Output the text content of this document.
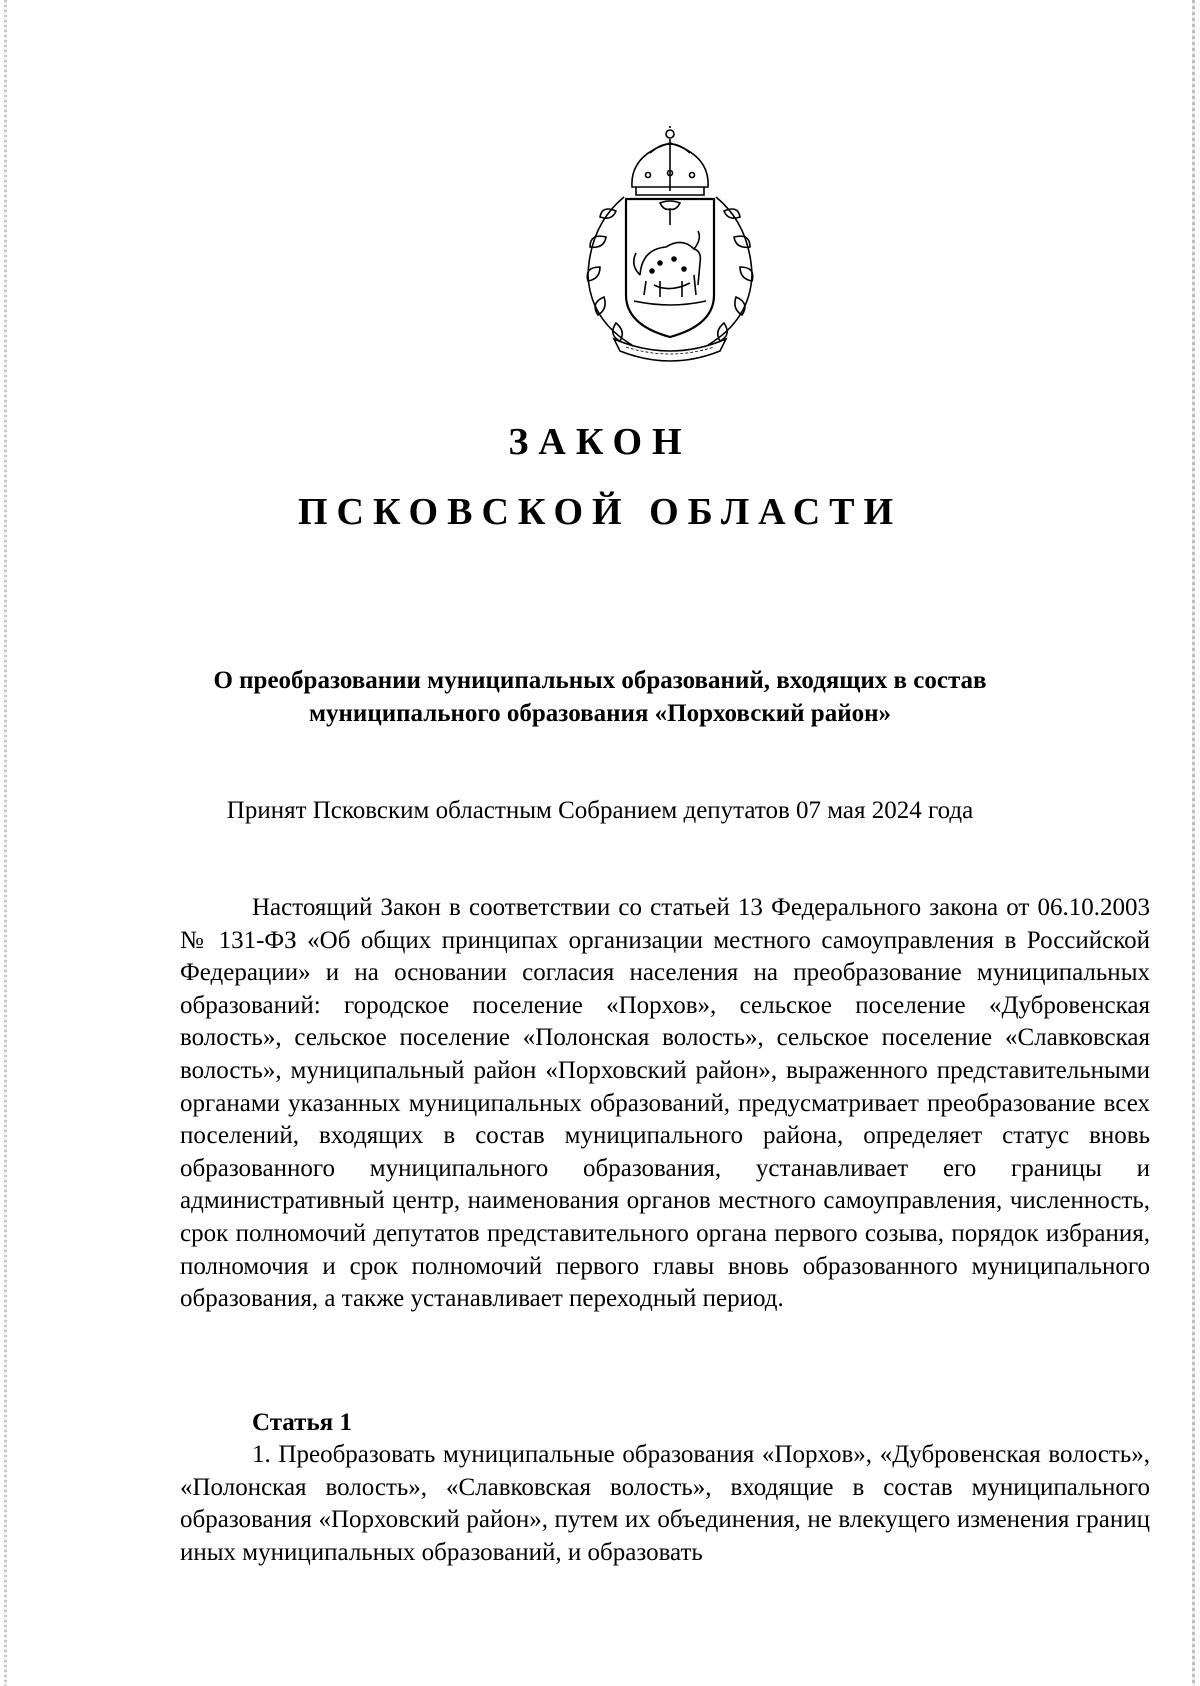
ЗАКОН
ПСКОВСКОЙ ОБЛАСТИ

О преобразовании муниципальных образований, входящих в состав
муниципального образования «Порховский район»

Принят Псковским областным Собранием депутатов 07 мая 2024 года

Настоящий Закон в соответствии со статьей 13 Федерального закона от 06.10.2003 № 131-ФЗ «Об общих принципах организации местного самоуправления в Российской Федерации» и на основании согласия населения на преобразование муниципальных образований: городское поселение «Порхов», сельское поселение «Дубровенская волость», сельское поселение «Полонская волость», сельское поселение «Славковская волость», муниципальный район «Порховский район», выраженного представительными органами указанных муниципальных образований, предусматривает преобразование всех поселений, входящих в состав муниципального района, определяет статус вновь образованного муниципального образования, устанавливает его границы и административный центр, наименования органов местного самоуправления, численность, срок полномочий депутатов представительного органа первого созыва, порядок избрания, полномочия и срок полномочий первого главы вновь образованного муниципального образования, а также устанавливает переходный период.

Статья 1

1. Преобразовать муниципальные образования «Порхов», «Дубровенская волость», «Полонская волость», «Славковская волость», входящие в состав муниципального образования «Порховский район», путем их объединения, не влекущего изменения границ иных муниципальных образований, и образовать
